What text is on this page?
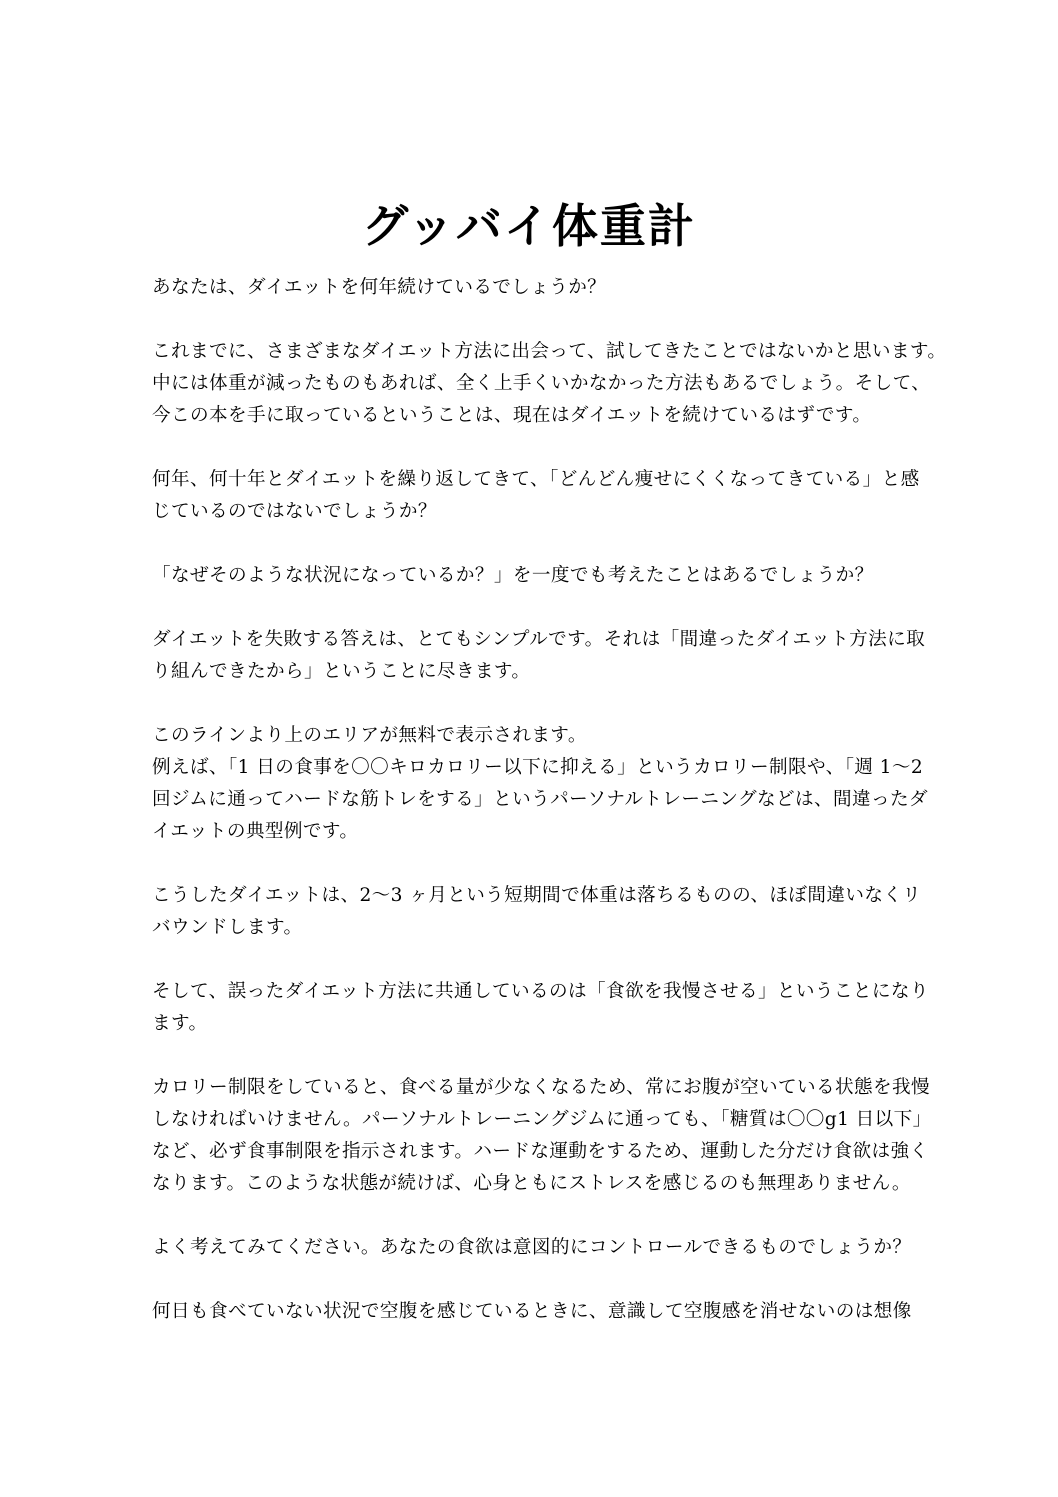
グッバイ体重計
あなたは、ダイエットを何年続けているでしょうか？
これまでに、さまざまなダイエット方法に出会って、試してきたことではないかと思います。
中には体重が減ったものもあれば、全く上手くいかなかった方法もあるでしょう。そして、
今この本を手に取っているということは、現在はダイエットを続けているはずです。
何年、何十年とダイエットを繰り返してきて、「どんどん痩せにくくなってきている」と感
じているのではないでしょうか？
「なぜそのような状況になっているか？」を一度でも考えたことはあるでしょうか？
ダイエットを失敗する答えは、とてもシンプルです。それは「間違ったダイエット方法に取
り組んできたから」ということに尽きます。
このラインより上のエリアが無料で表示されます。
例えば、「1 日の食事を〇〇キロカロリー以下に抑える」というカロリー制限や、「週 1〜2
回ジムに通ってハードな筋トレをする」というパーソナルトレーニングなどは、間違ったダ
イエットの典型例です。
こうしたダイエットは、2〜3 ヶ月という短期間で体重は落ちるものの、ほぼ間違いなくリ
バウンドします。
そして、誤ったダイエット方法に共通しているのは「食欲を我慢させる」ということになり
ます。
カロリー制限をしていると、食べる量が少なくなるため、常にお腹が空いている状態を我慢
しなければいけません。パーソナルトレーニングジムに通っても、「糖質は〇〇g1 日以下」
など、必ず食事制限を指示されます。ハードな運動をするため、運動した分だけ食欲は強く
なります。このような状態が続けば、心身ともにストレスを感じるのも無理ありません。
よく考えてみてください。あなたの食欲は意図的にコントロールできるものでしょうか？
何日も食べていない状況で空腹を感じているときに、意識して空腹感を消せないのは想像
